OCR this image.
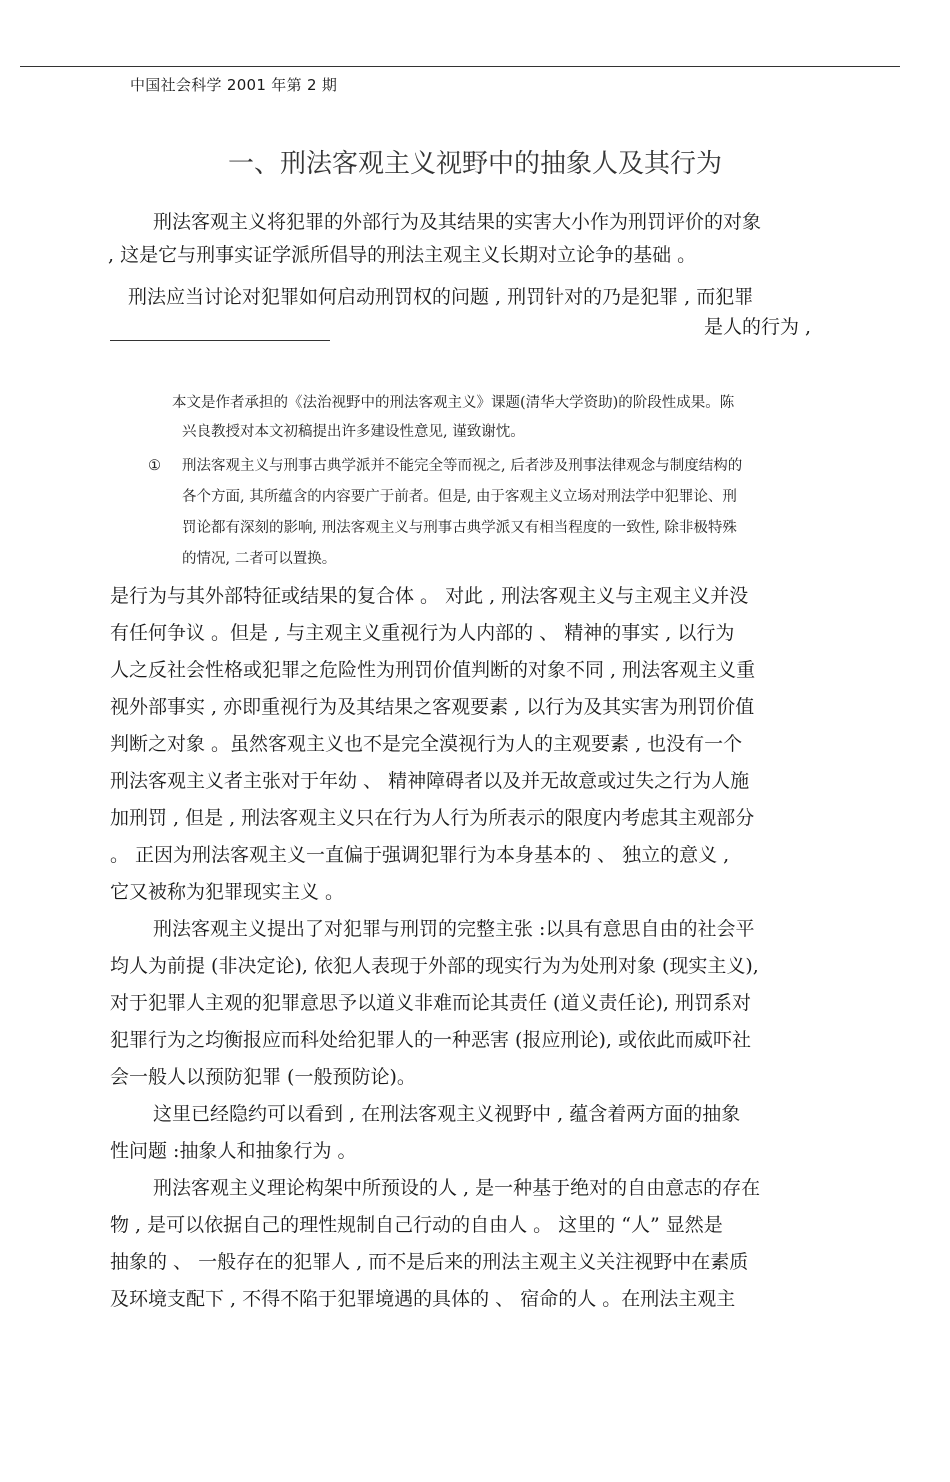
中国社会科学 2001 年第 2 期
一、刑法客观主义视野中的抽象人及其行为
刑法客观主义将犯罪的外部行为及其结果的实害大小作为刑罚评价的对象
, 这是它与刑事实证学派所倡导的刑法主观主义长期对立论争的基础 。
刑法应当讨论对犯罪如何启动刑罚权的问题 , 刑罚针对的乃是犯罪 , 而犯罪
是人的行为 ,
本文是作者承担的《法治视野中的刑法客观主义》课题(清华大学资助)的阶段性成果。陈
兴良教授对本文初稿提出许多建设性意见, 谨致谢忱。
① 刑法客观主义与刑事古典学派并不能完全等而视之, 后者涉及刑事法律观念与制度结构的
各个方面, 其所蕴含的内容要广于前者。但是, 由于客观主义立场对刑法学中犯罪论、刑
罚论都有深刻的影响, 刑法客观主义与刑事古典学派又有相当程度的一致性, 除非极特殊
的情况, 二者可以置换。
是行为与其外部特征或结果的复合体 。 对此 , 刑法客观主义与主观主义并没
有任何争议 。但是 , 与主观主义重视行为人内部的 、 精神的事实 , 以行为
人之反社会性格或犯罪之危险性为刑罚价值判断的对象不同 , 刑法客观主义重
视外部事实 , 亦即重视行为及其结果之客观要素 , 以行为及其实害为刑罚价值
判断之对象 。虽然客观主义也不是完全漠视行为人的主观要素 , 也没有一个
刑法客观主义者主张对于年幼 、 精神障碍者以及并无故意或过失之行为人施
加刑罚 , 但是 , 刑法客观主义只在行为人行为所表示的限度内考虑其主观部分
。 正因为刑法客观主义一直偏于强调犯罪行为本身基本的 、 独立的意义 ,
它又被称为犯罪现实主义 。
刑法客观主义提出了对犯罪与刑罚的完整主张 :以具有意思自由的社会平
均人为前提 (非决定论), 依犯人表现于外部的现实行为为处刑对象 (现实主义),
对于犯罪人主观的犯罪意思予以道义非难而论其责任 (道义责任论), 刑罚系对
犯罪行为之均衡报应而科处给犯罪人的一种恶害 (报应刑论), 或依此而威吓社
会一般人以预防犯罪 (一般预防论)。
这里已经隐约可以看到 , 在刑法客观主义视野中 , 蕴含着两方面的抽象
性问题 :抽象人和抽象行为 。
刑法客观主义理论构架中所预设的人 , 是一种基于绝对的自由意志的存在
物 , 是可以依据自己的理性规制自己行动的自由人 。 这里的 “人” 显然是
抽象的 、 一般存在的犯罪人 , 而不是后来的刑法主观主义关注视野中在素质
及环境支配下 , 不得不陷于犯罪境遇的具体的 、 宿命的人 。在刑法主观主
